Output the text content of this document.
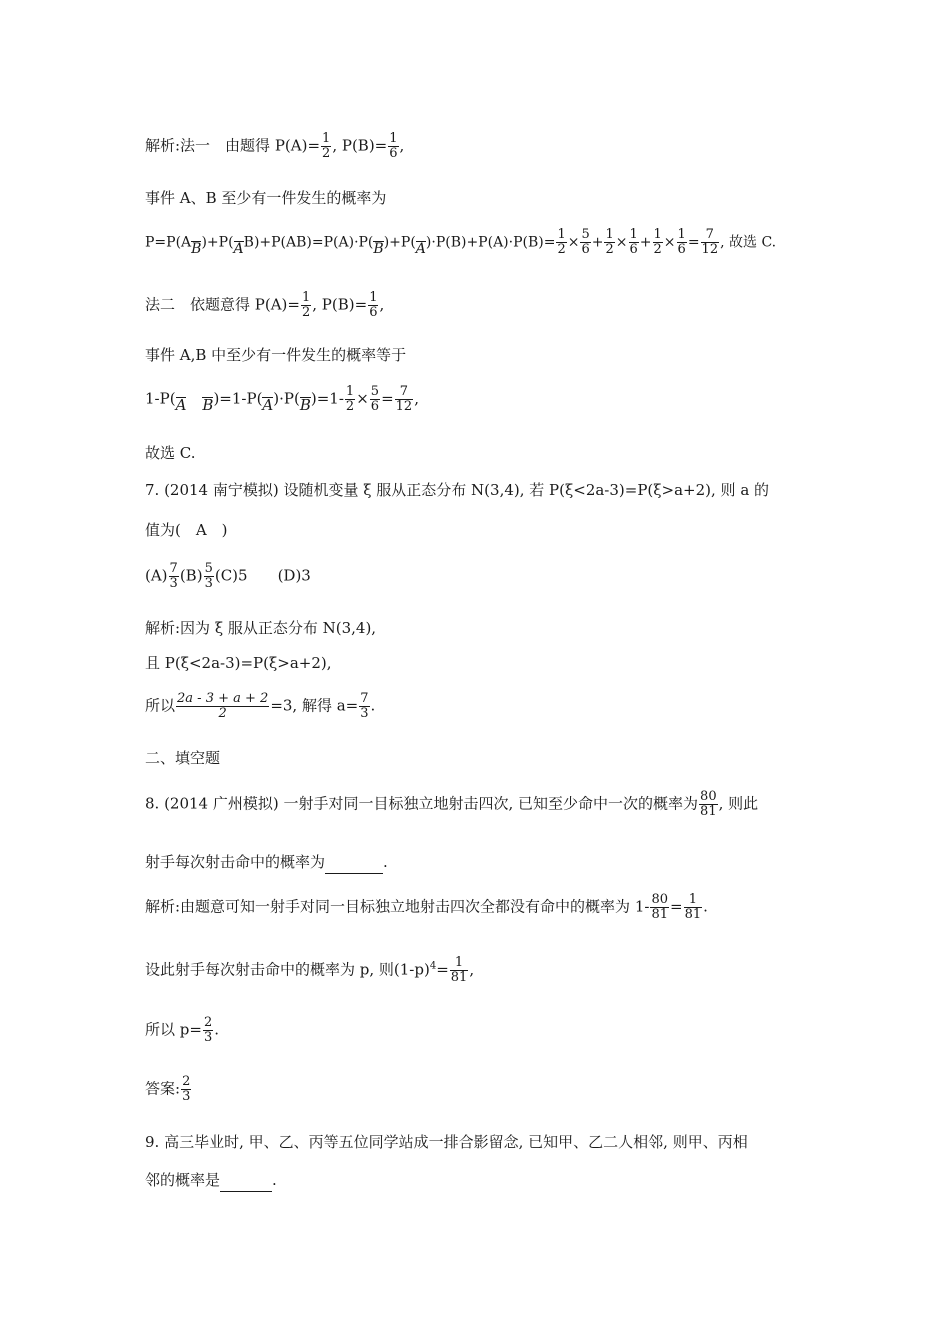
解析:法一　由题得 $P(A)= \frac{1}{2}$ , $P(B)= \frac{1}{6}$ ,
事件 A、B 至少有一件发生的概率为
$P=P(AB)+P(AB)+P(AB)=P(A)\cdot P(B)+P(A)\cdot P(B)+P(A)\cdot P(B)= \frac{1}{2} \times \frac{5}{6} + \frac{1}{2} \times \frac{1}{6} + \frac{1}{2} \times \frac{1}{6} = \frac{7}{12}$ , 故选 C.
法二　依题意得 $P(A)= \frac{1}{2}$ , $P(B)= \frac{1}{6}$ ,
事件 A,B 中至少有一件发生的概率等于
1-P(A $B)=1-P(A)\cdot P(B)=1- \frac{1}{2} \times \frac{5}{6} = \frac{7}{12}$ ,
故选 C.
7. (2014 南宁模拟) 设随机变量 ξ 服从正态分布 N(3,4), 若 P(ξ<2a-3)=P(ξ>a+2), 则 a 的
值为(　A　)
$(A) \frac{7}{3} (B) \frac{5}{3} (C)5$　　(D)3
解析:因为 ξ 服从正态分布 N(3,4),
且 P(ξ<2a-3)=P(ξ>a+2),
所以 $\frac{2a - 3 + a + 2}{2} =3$, 解得 $a= \frac{7}{3}$ .
二、填空题
8. (2014 广州模拟) 一射手对同一目标独立地射击四次, 已知至少命中一次的概率为 $\frac{80}{81}$ , 则此
射手每次射击命中的概率为	.
解析:由题意可知一射手对同一目标独立地射击四次全都没有命中的概率为 $1- \frac{80}{81} = \frac{1}{81}$ .
设此射手每次射击命中的概率为 p, 则$(1-p)^4= \frac{1}{81}$ ,
所以 $p= \frac{2}{3}$ .
答案: $\frac{2}{3}$
9. 高三毕业时, 甲、乙、丙等五位同学站成一排合影留念, 已知甲、乙二人相邻, 则甲、丙相
邻的概率是	.
